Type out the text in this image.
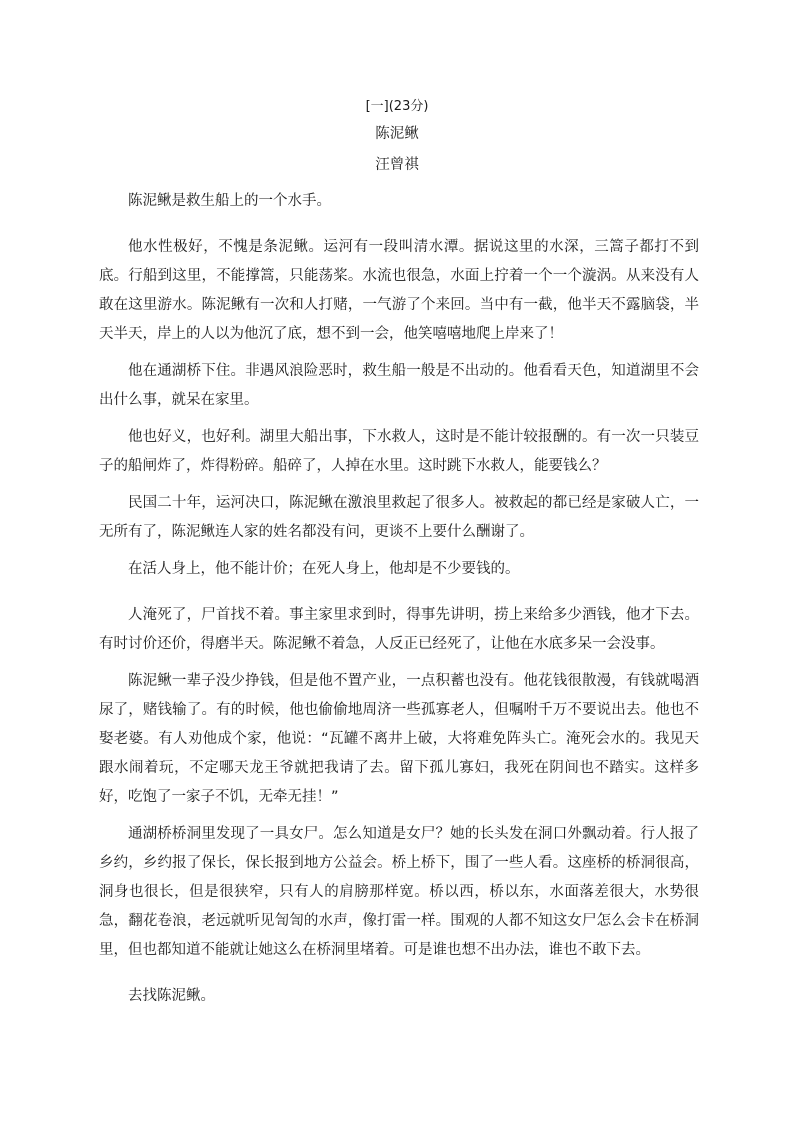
[一](23分)
陈泥鳅
汪曾祺

陈泥鳅是救生船上的一个水手。

他水性极好，不愧是条泥鳅。运河有一段叫清水潭。据说这里的水深，三篙子都打不到底。行船到这里，不能撑篙，只能荡桨。水流也很急，水面上拧着一个一个漩涡。从来没有人敢在这里游水。陈泥鳅有一次和人打赌，一气游了个来回。当中有一截，他半天不露脑袋，半天半天，岸上的人以为他沉了底，想不到一会，他笑嘻嘻地爬上岸来了！

他在通湖桥下住。非遇风浪险恶时，救生船一般是不出动的。他看看天色，知道湖里不会出什么事，就呆在家里。

他也好义，也好利。湖里大船出事，下水救人，这时是不能计较报酬的。有一次一只装豆子的船闸炸了，炸得粉碎。船碎了，人掉在水里。这时跳下水救人，能要钱么？

民国二十年，运河决口，陈泥鳅在激浪里救起了很多人。被救起的都已经是家破人亡，一无所有了，陈泥鳅连人家的姓名都没有问，更谈不上要什么酬谢了。

在活人身上，他不能计价；在死人身上，他却是不少要钱的。

人淹死了，尸首找不着。事主家里求到时，得事先讲明，捞上来给多少酒钱，他才下去。有时讨价还价，得磨半天。陈泥鳅不着急，人反正已经死了，让他在水底多呆一会没事。

陈泥鳅一辈子没少挣钱，但是他不置产业，一点积蓄也没有。他花钱很散漫，有钱就喝酒尿了，赌钱输了。有的时候，他也偷偷地周济一些孤寡老人，但嘱咐千万不要说出去。他也不娶老婆。有人劝他成个家，他说：“瓦罐不离井上破，大将难免阵头亡。淹死会水的。我见天跟水闹着玩，不定哪天龙王爷就把我请了去。留下孤儿寡妇，我死在阴间也不踏实。这样多好，吃饱了一家子不饥，无牵无挂！”

通湖桥桥洞里发现了一具女尸。怎么知道是女尸？她的长头发在洞口外飘动着。行人报了乡约，乡约报了保长，保长报到地方公益会。桥上桥下，围了一些人看。这座桥的桥洞很高，洞身也很长，但是很狭窄，只有人的肩膀那样宽。桥以西，桥以东，水面落差很大，水势很急，翻花卷浪，老远就听见訇訇的水声，像打雷一样。围观的人都不知这女尸怎么会卡在桥洞里，但也都知道不能就让她这么在桥洞里堵着。可是谁也想不出办法，谁也不敢下去。

去找陈泥鳅。
